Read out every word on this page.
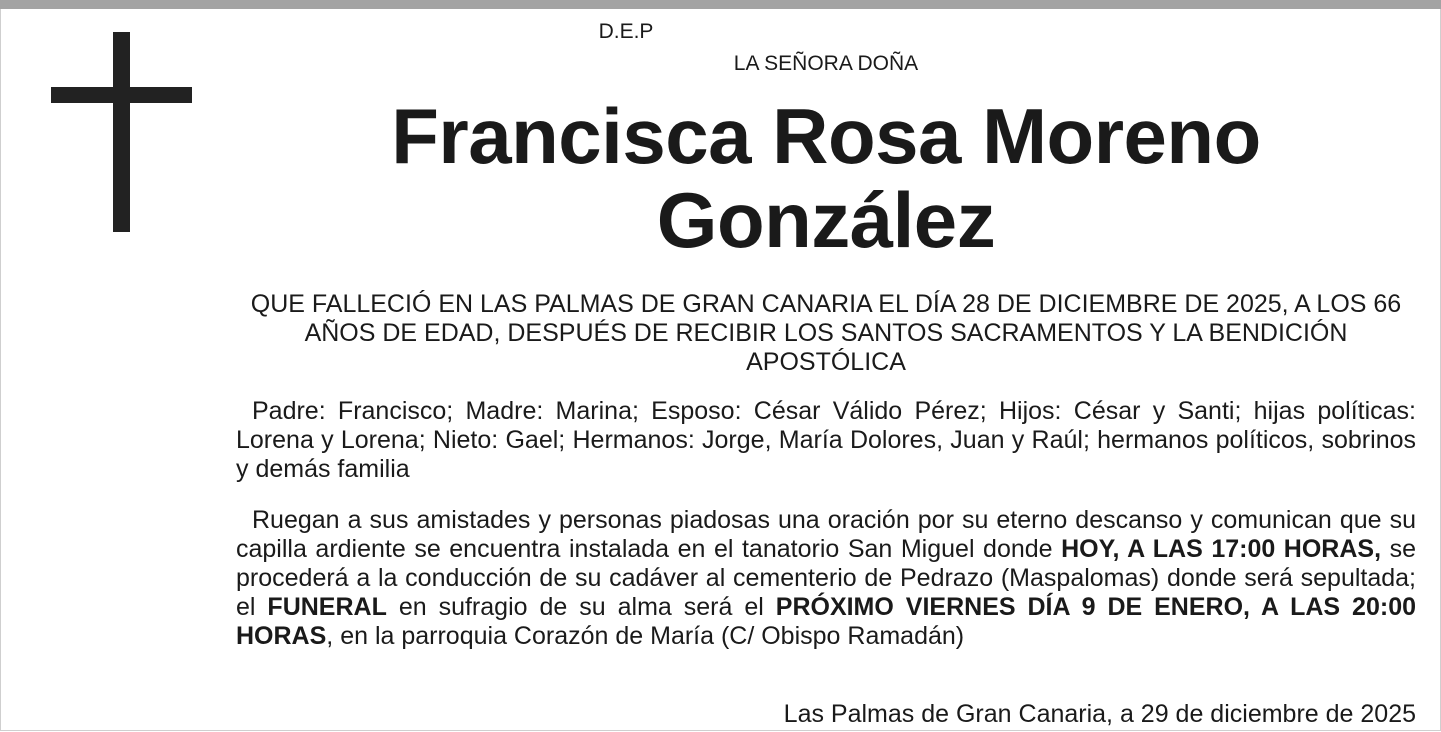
D.E.P
LA SEÑORA DOÑA
Francisca Rosa Moreno
González
QUE FALLECIÓ EN LAS PALMAS DE GRAN CANARIA EL DÍA 28 DE DICIEMBRE DE 2025, A LOS 66 AÑOS DE EDAD, DESPUÉS DE RECIBIR LOS SANTOS SACRAMENTOS Y LA BENDICIÓN APOSTÓLICA
Padre: Francisco; Madre: Marina; Esposo: César Válido Pérez; Hijos: César y Santi; hijas políticas: Lorena y Lorena; Nieto: Gael; Hermanos: Jorge, María Dolores, Juan y Raúl; hermanos políticos, sobrinos y demás familia
Ruegan a sus amistades y personas piadosas una oración por su eterno descanso y comunican que su capilla ardiente se encuentra instalada en el tanatorio San Miguel donde HOY, A LAS 17:00 HORAS, se procederá a la conducción de su cadáver al cementerio de Pedrazo (Maspalomas) donde será sepultada; el FUNERAL en sufragio de su alma será el PRÓXIMO VIERNES DÍA 9 DE ENERO, A LAS 20:00 HORAS, en la parroquia Corazón de María (C/ Obispo Ramadán)
Las Palmas de Gran Canaria, a 29 de diciembre de 2025
